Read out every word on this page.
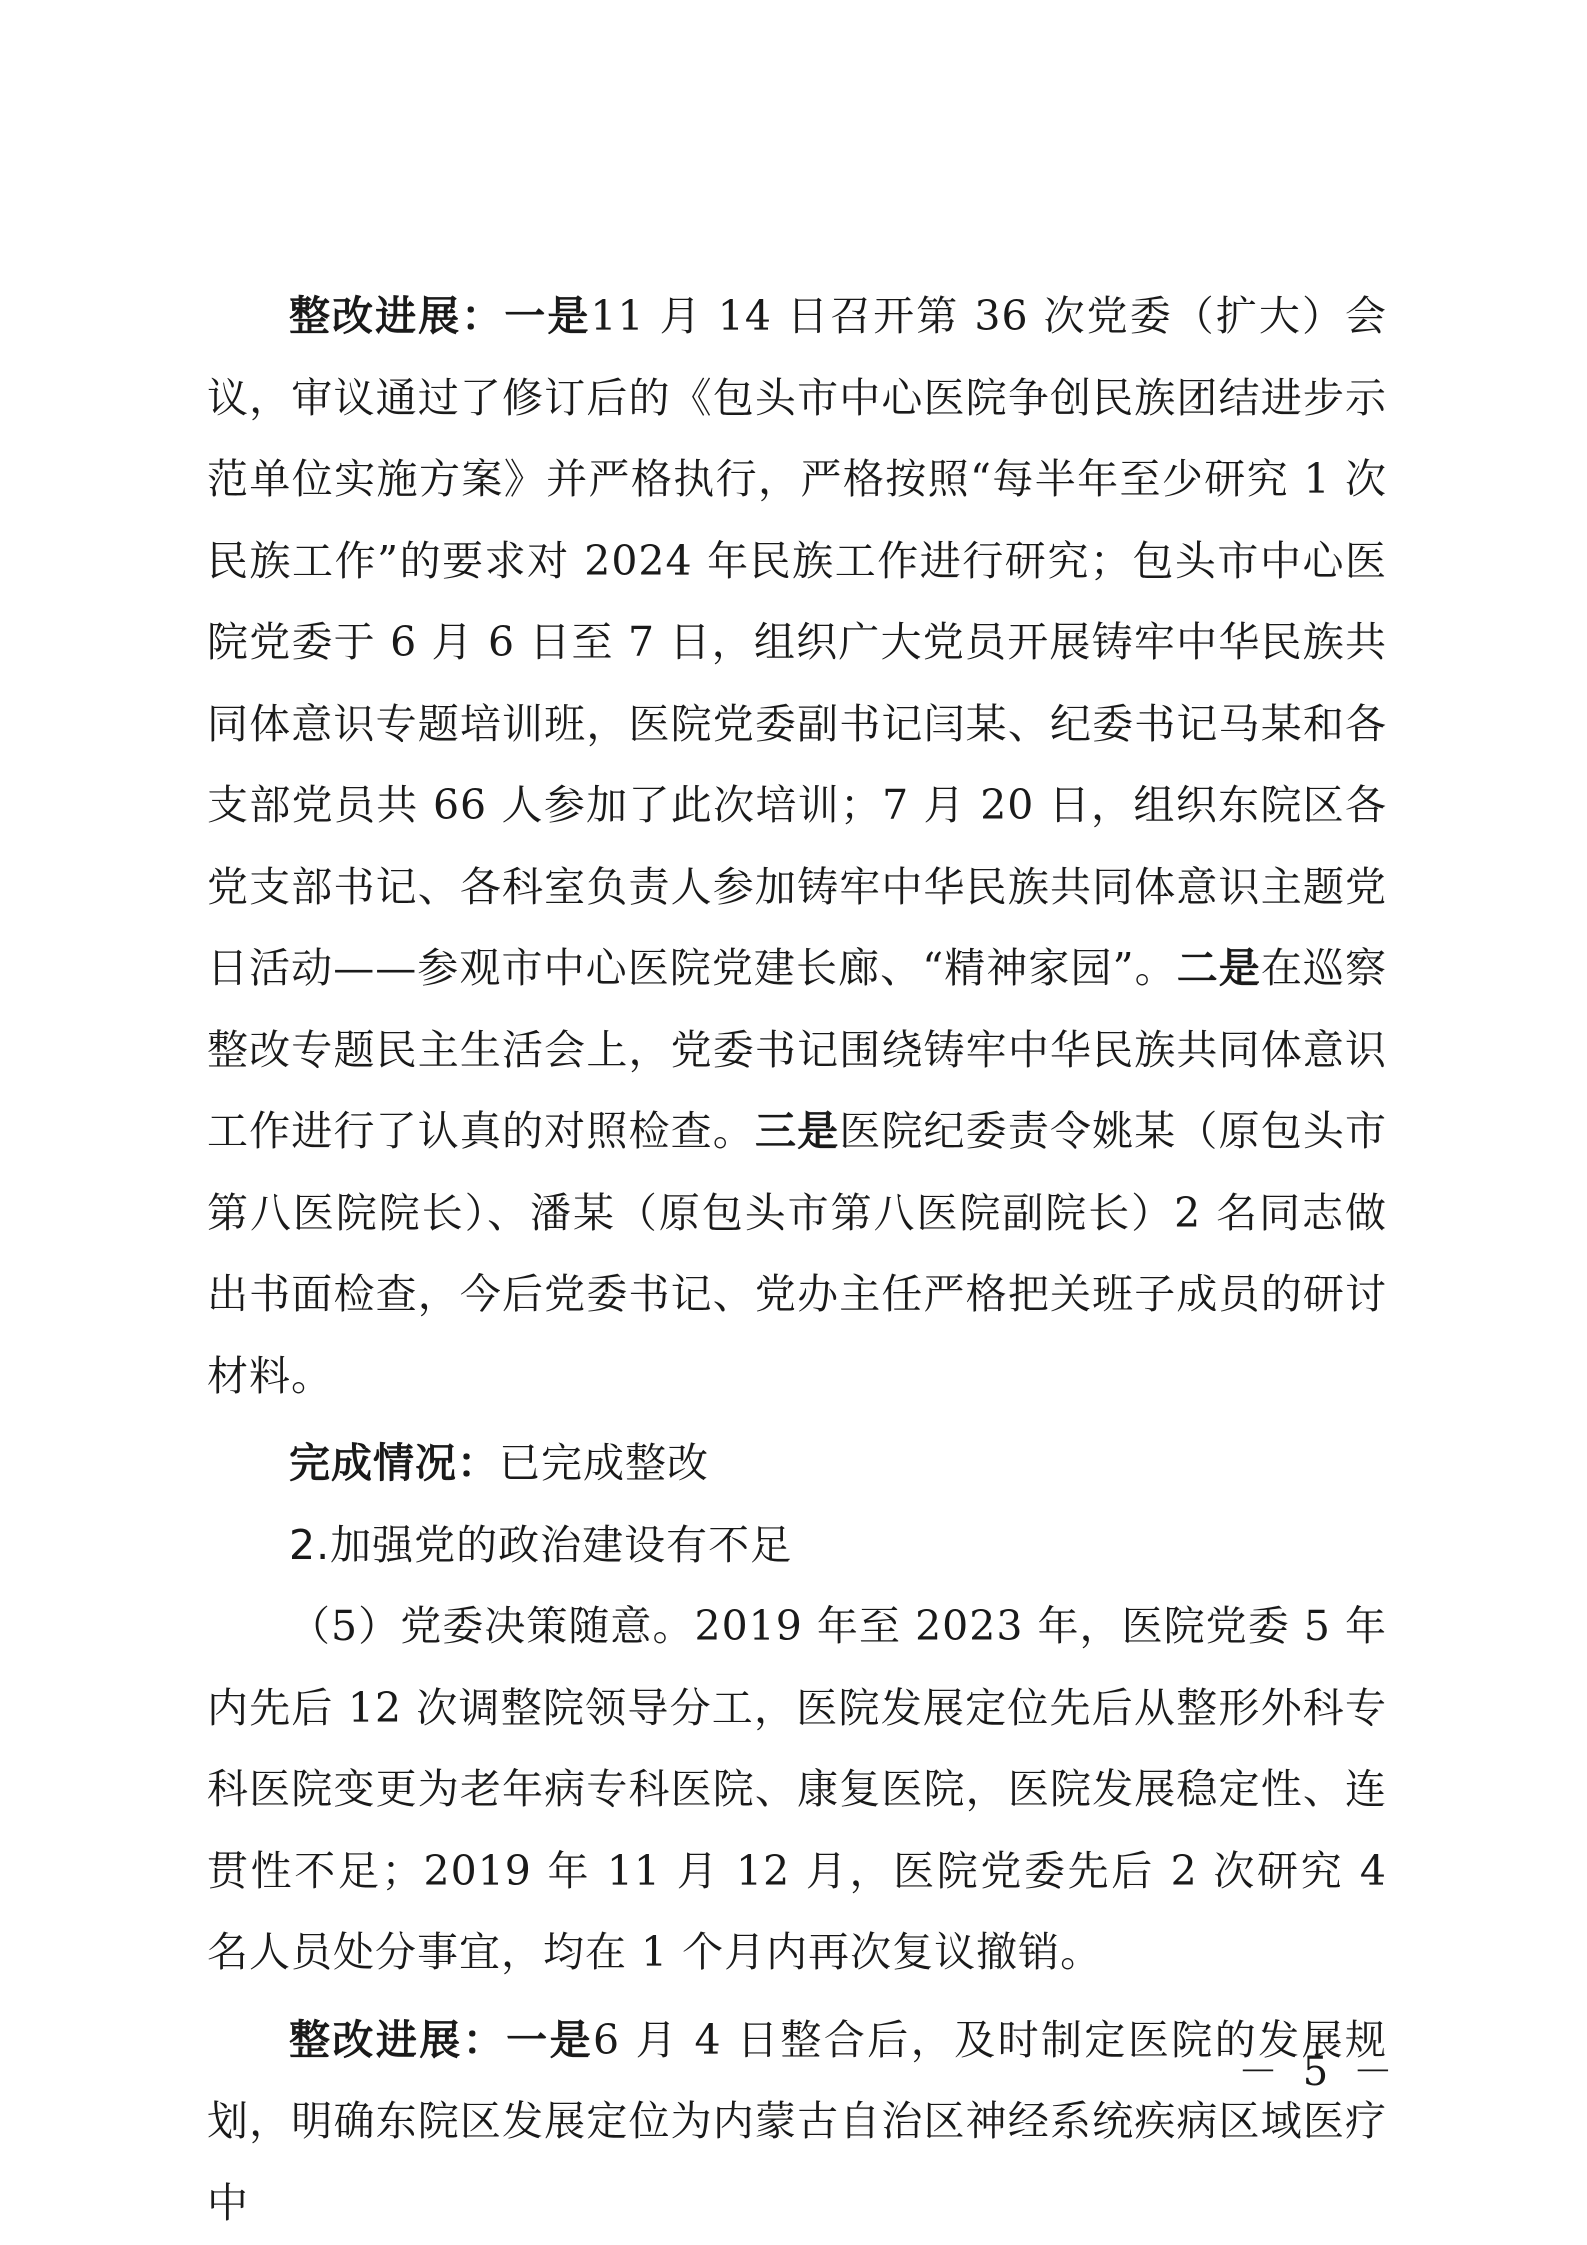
整改进展：一是11 月 14 日召开第 36 次党委（扩大）会议，审议通过了修订后的《包头市中心医院争创民族团结进步示范单位实施方案》并严格执行，严格按照“每半年至少研究 1 次民族工作”的要求对 2024 年民族工作进行研究；包头市中心医院党委于 6 月 6 日至 7 日，组织广大党员开展铸牢中华民族共同体意识专题培训班，医院党委副书记闫某、纪委书记马某和各支部党员共 66 人参加了此次培训；7 月 20 日，组织东院区各党支部书记、各科室负责人参加铸牢中华民族共同体意识主题党日活动——参观市中心医院党建长廊、“精神家园”。二是在巡察整改专题民主生活会上，党委书记围绕铸牢中华民族共同体意识工作进行了认真的对照检查。三是医院纪委责令姚某（原包头市第八医院院长）、潘某（原包头市第八医院副院长）2 名同志做出书面检查，今后党委书记、党办主任严格把关班子成员的研讨材料。

完成情况：已完成整改

2.加强党的政治建设有不足

（5）党委决策随意。2019 年至 2023 年，医院党委 5 年内先后 12 次调整院领导分工，医院发展定位先后从整形外科专科医院变更为老年病专科医院、康复医院，医院发展稳定性、连贯性不足；2019 年 11 月 12 月，医院党委先后 2 次研究 4 名人员处分事宜，均在 1 个月内再次复议撤销。

整改进展：一是6 月 4 日整合后，及时制定医院的发展规划，明确东院区发展定位为内蒙古自治区神经系统疾病区域医疗中

－ 5 －
